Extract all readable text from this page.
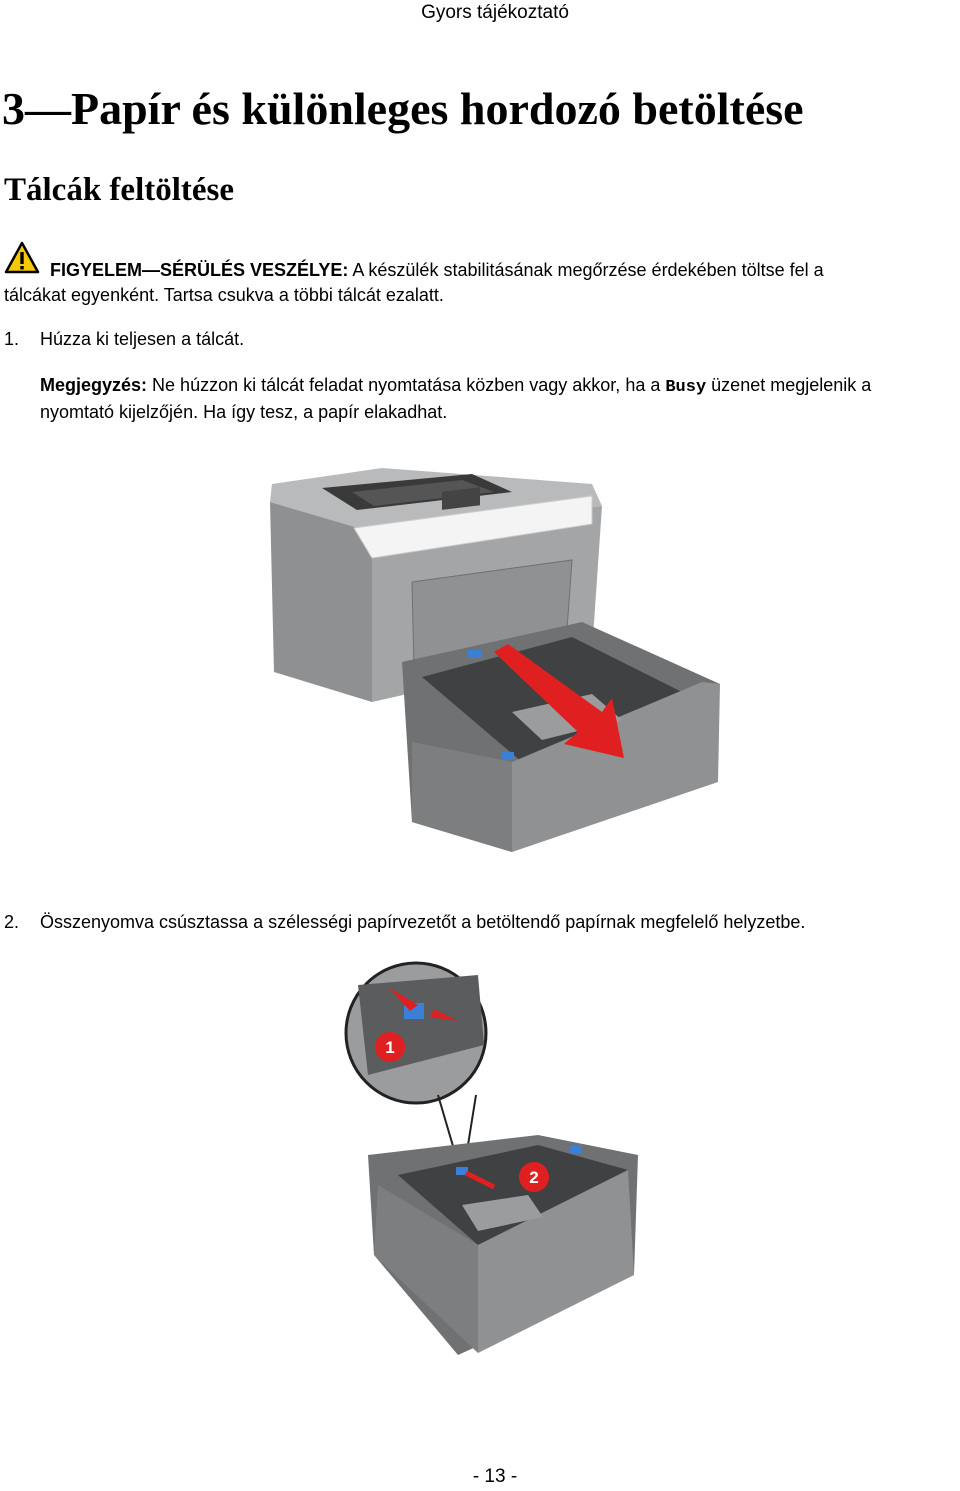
Gyors tájékoztató
3—Papír és különleges hordozó betöltése
Tálcák feltöltése
FIGYELEM—SÉRÜLÉS VESZÉLYE: A készülék stabilitásának megőrzése érdekében töltse fel a
tálcákat egyenként. Tartsa csukva a többi tálcát ezalatt.
1. Húzza ki teljesen a tálcát.
Megjegyzés: Ne húzzon ki tálcát feladat nyomtatása közben vagy akkor, ha a Busy üzenet megjelenik a nyomtató kijelzőjén. Ha így tesz, a papír elakadhat.
2. Összenyomva csúsztassa a szélességi papírvezetőt a betöltendő papírnak megfelelő helyzetbe.
1
2
- 13 -
